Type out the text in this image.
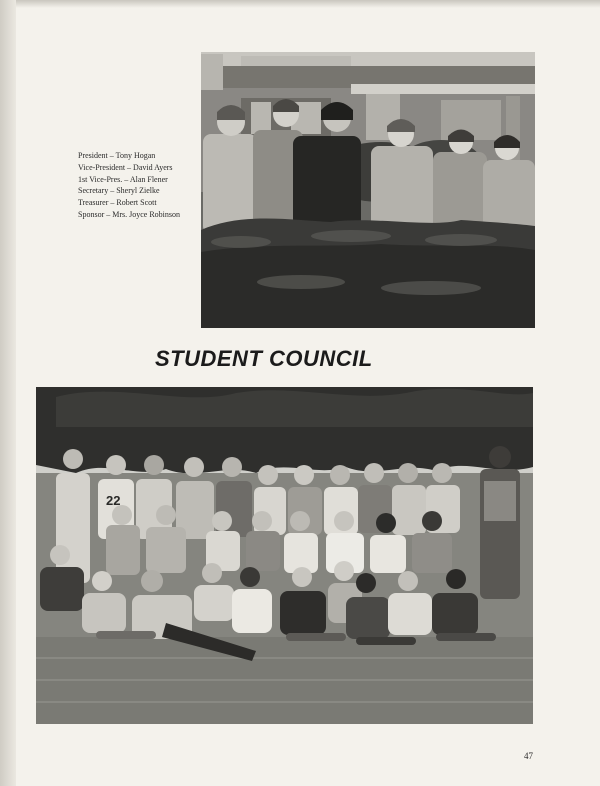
President – Tony Hogan
Vice-President – David Ayers
1st Vice-Pres. – Alan Flener
Secretary – Sheryl Zielke
Treasurer – Robert Scott
Sponsor – Mrs. Joyce Robinson
STUDENT COUNCIL
22
47
